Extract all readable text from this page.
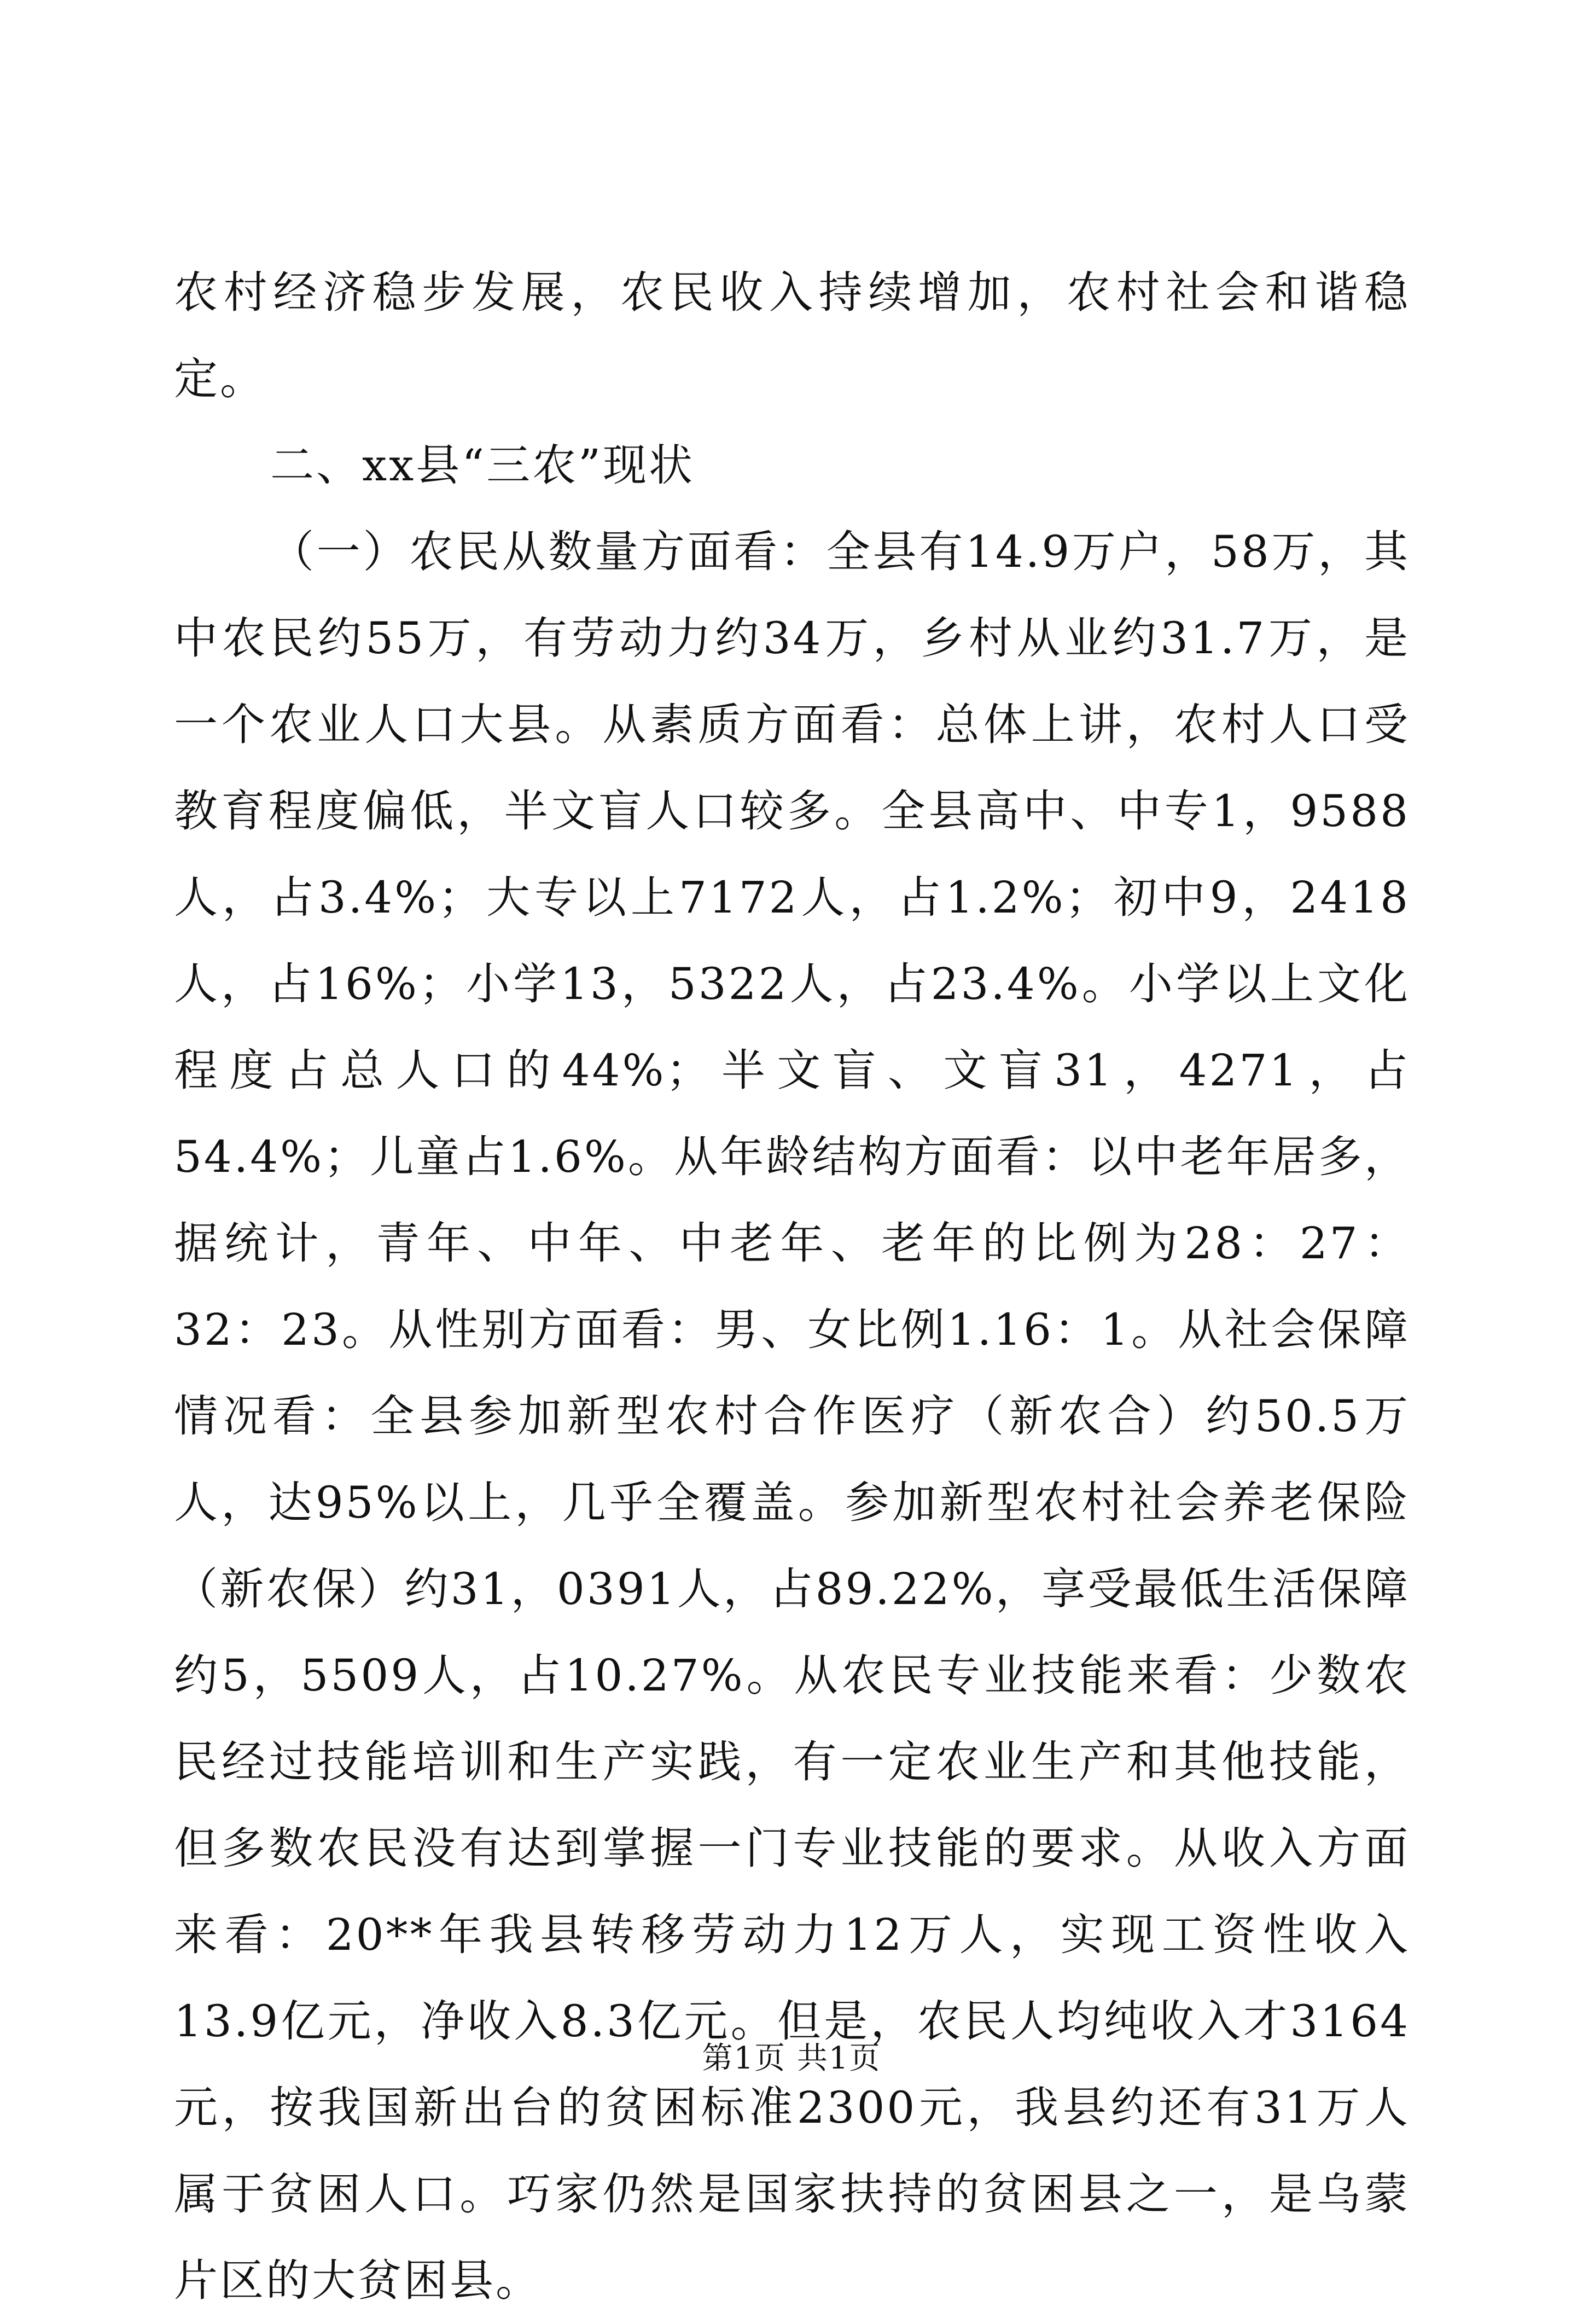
农村经济稳步发展，农民收入持续增加，农村社会和谐稳定。

二、xx县“三农”现状

（一）农民从数量方面看：全县有14.9万户，58万，其中农民约55万，有劳动力约34万，乡村从业约31.7万，是一个农业人口大县。从素质方面看：总体上讲，农村人口受教育程度偏低，半文盲人口较多。全县高中、中专1，9588人，占3.4%；大专以上7172人，占1.2%；初中9，2418人，占16%；小学13，5322人，占23.4%。小学以上文化程度占总人口的44%；半文盲、文盲31，4271，占54.4%；儿童占1.6%。从年龄结构方面看：以中老年居多，据统计，青年、中年、中老年、老年的比例为28：27：32：23。从性别方面看：男、女比例1.16：1。从社会保障情况看：全县参加新型农村合作医疗（新农合）约50.5万人，达95%以上，几乎全覆盖。参加新型农村社会养老保险（新农保）约31，0391人，占89.22%，享受最低生活保障约5，5509人，占10.27%。从农民专业技能来看：少数农民经过技能培训和生产实践，有一定农业生产和其他技能，但多数农民没有达到掌握一门专业技能的要求。从收入方面来看：20**年我县转移劳动力12万人，实现工资性收入13.9亿元，净收入8.3亿元。但是，农民人均纯收入才3164元，按我国新出台的贫困标准2300元，我县约还有31万人属于贫困人口。巧家仍然是国家扶持的贫困县之一，是乌蒙片区的大贫困县。

第1页 共1页
